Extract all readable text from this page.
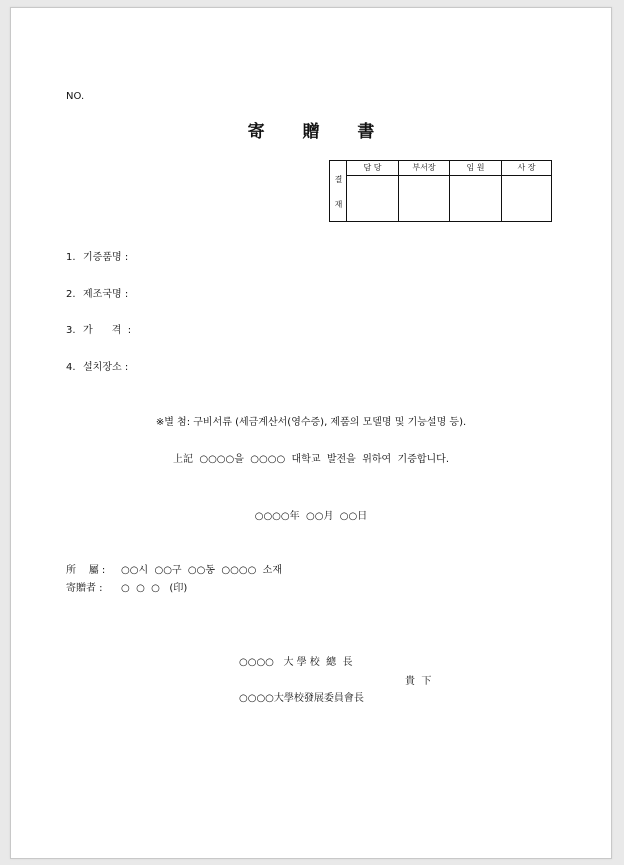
NO.
寄 贈 書
결
재
담 당	부서장	임 원	사 장
1. 기증품명 :
2. 제조국명 :
3. 가      격  :
4. 설치장소 :
※별 첨: 구비서류 (세금계산서(영수증), 제품의 모델명 및 기능설명 등).
上記  ○○○○을  ○○○○  대학교  발전을  위하여  기증합니다.
○○○○年  ○○月  ○○日
所    屬 : ○○시  ○○구  ○○동  ○○○○  소재
寄贈者 : ○  ○  ○   (印)
○○○○   大 學 校  總  長
貴  下
○○○○大學校發展委員會長
